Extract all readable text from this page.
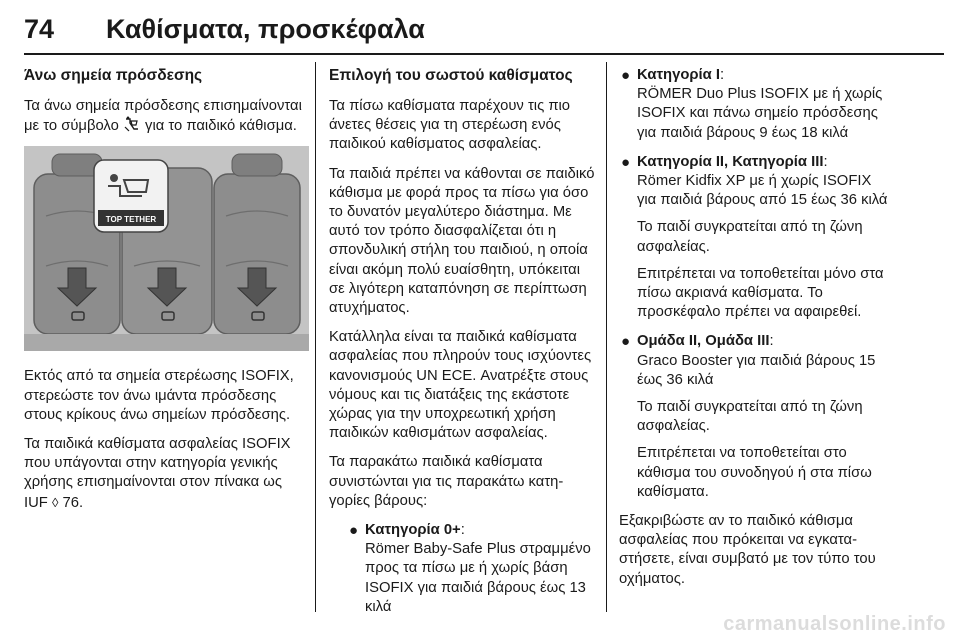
74 Καθίσματα, προσκέφαλα
Άνω σημεία πρόσδεσης

Τα άνω σημεία πρόσδεσης επισημαίνονται με το σύμβολο  για το παιδικό κάθισμα.

TOP TETHER

Εκτός από τα σημεία στερέωσης ISOFIX, στερεώστε τον άνω ιμάντα πρόσδεσης στους κρίκους άνω σημείων πρόσδεσης.

Τα παιδικά καθίσματα ασφαλείας ISOFIX που υπάγονται στην κατηγορία γενικής χρήσης επισημαίνονται στον πίνακα ως IUF ◊ 76.

Επιλογή του σωστού καθίσματος

Τα πίσω καθίσματα παρέχουν τις πιο άνετες θέσεις για τη στερέωση ενός παιδικού καθίσματος ασφαλείας.

Τα παιδιά πρέπει να κάθονται σε παιδικό κάθισμα με φορά προς τα πίσω για όσο το δυνατόν μεγαλύτερο διάστημα. Με αυτό τον τρόπο διασφαλίζεται ότι η σπονδυλική στήλη του παιδιού, η οποία είναι ακόμη πολύ ευαίσθητη, υπόκειται σε λιγότερη καταπόνηση σε περίπτωση ατυχήματος.

Κατάλληλα είναι τα παιδικά καθίσματα ασφαλείας που πληρούν τους ισχύοντες κανονισμούς UN ECE. Ανατρέξτε στους νόμους και τις διατάξεις της εκάστοτε χώρας για την υποχρεωτική χρήση παιδικών καθισμάτων ασφαλείας.

Τα παρακάτω παιδικά καθίσματα συνιστώνται για τις παρακάτω κατηγορίες βάρους:

● Κατηγορία 0+:
Römer Baby-Safe Plus στραμμένο προς τα πίσω με ή χωρίς βάση ISOFIX για παιδιά βάρους έως 13 κιλά

● Κατηγορία I:
RÖMER Duo Plus ISOFIX με ή χωρίς ISOFIX και πάνω σημείο πρόσδεσης για παιδιά βάρους 9 έως 18 κιλά

● Κατηγορία II, Κατηγορία III:
Römer Kidfix XP με ή χωρίς ISOFIX για παιδιά βάρους από 15 έως 36 κιλά

Το παιδί συγκρατείται από τη ζώνη ασφαλείας.

Επιτρέπεται να τοποθετείται μόνο στα πίσω ακριανά καθίσματα. Το προσκέφαλο πρέπει να αφαιρεθεί.

● Ομάδα II, Ομάδα III:
Graco Booster για παιδιά βάρους 15 έως 36 κιλά

Το παιδί συγκρατείται από τη ζώνη ασφαλείας.

Επιτρέπεται να τοποθετείται στο κάθισμα του συνοδηγού ή στα πίσω καθίσματα.

Εξακριβώστε αν το παιδικό κάθισμα ασφαλείας που πρόκειται να εγκαταστήσετε, είναι συμβατό με τον τύπο του οχήματος.

carmanualsonline.info
